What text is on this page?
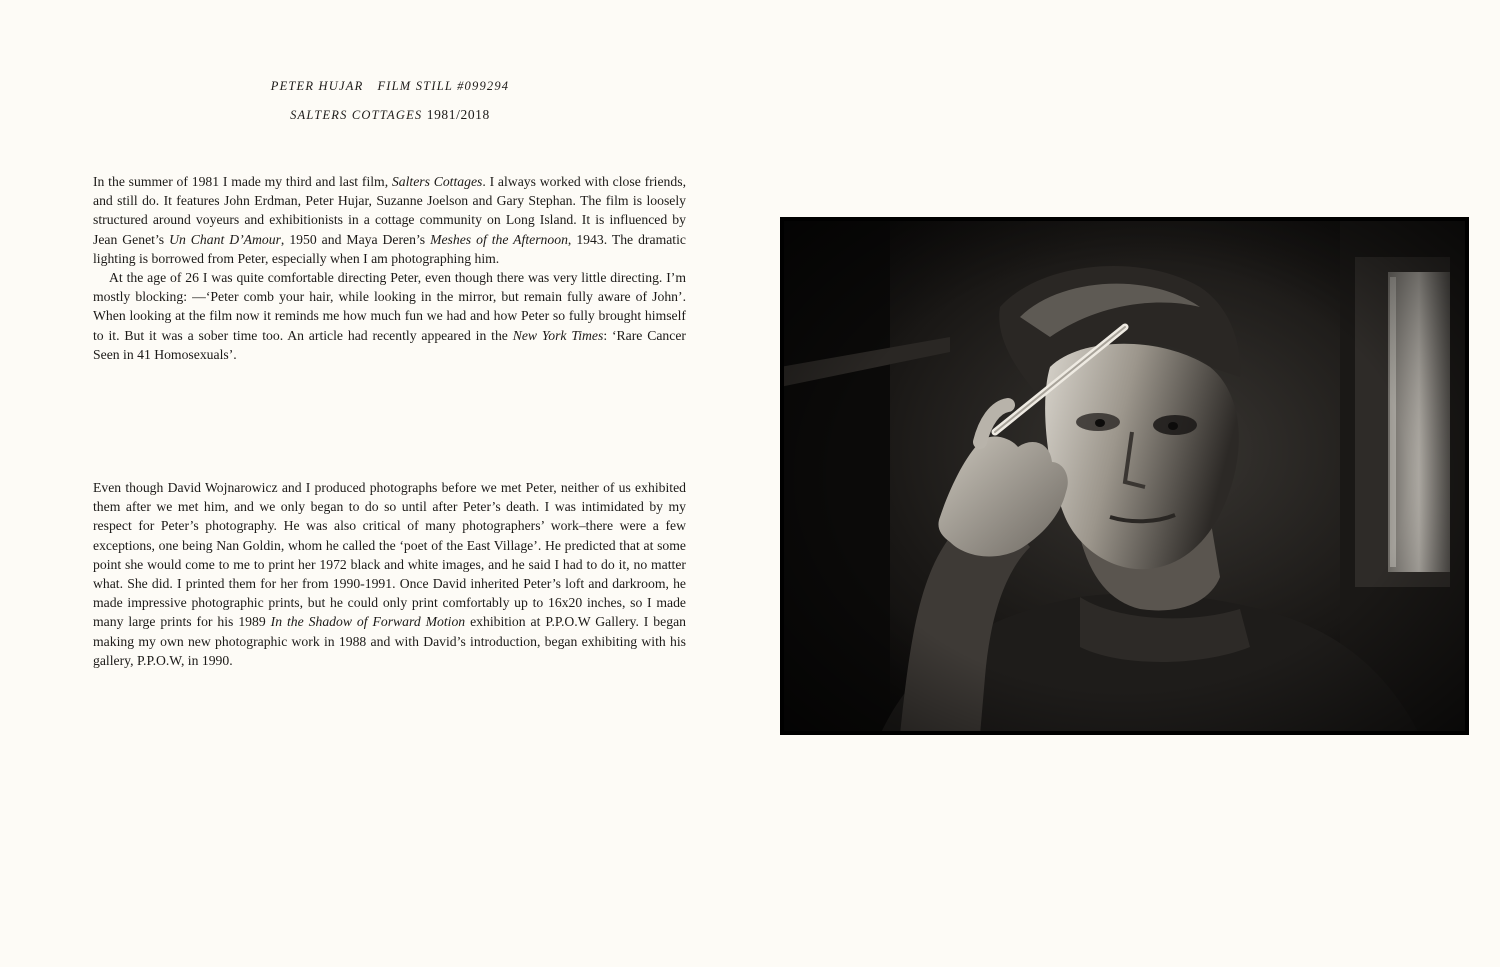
PETER HUJAR FILM STILL #099294
SALTERS COTTAGES 1981/2018

In the summer of 1981 I made my third and last film, Salters Cottages. I always worked with close friends, and still do. It features John Erdman, Peter Hujar, Suzanne Joelson and Gary Stephan. The film is loosely structured around voyeurs and exhibitionists in a cottage community on Long Island. It is influenced by Jean Genet’s Un Chant D’Amour, 1950 and Maya Deren’s Meshes of the Afternoon, 1943. The dramatic lighting is borrowed from Peter, especially when I am photographing him.

At the age of 26 I was quite comfortable directing Peter, even though there was very little directing. I’m mostly blocking: —‘Peter comb your hair, while looking in the mirror, but remain fully aware of John’. When looking at the film now it reminds me how much fun we had and how Peter so fully brought himself to it. But it was a sober time too. An article had recently appeared in the New York Times: ‘Rare Cancer Seen in 41 Homosexuals’.

Even though David Wojnarowicz and I produced photographs before we met Peter, neither of us exhibited them after we met him, and we only began to do so until after Peter’s death. I was intimidated by my respect for Peter’s photography. He was also critical of many photographers’ work–there were a few exceptions, one being Nan Goldin, whom he called the ‘poet of the East Village’. He predicted that at some point she would come to me to print her 1972 black and white images, and he said I had to do it, no matter what. She did. I printed them for her from 1990-1991. Once David inherited Peter’s loft and darkroom, he made impressive photographic prints, but he could only print comfortably up to 16x20 inches, so I made many large prints for his 1989 In the Shadow of Forward Motion exhibition at P.P.O.W Gallery. I began making my own new photographic work in 1988 and with David’s introduction, began exhibiting with his gallery, P.P.O.W, in 1990.
